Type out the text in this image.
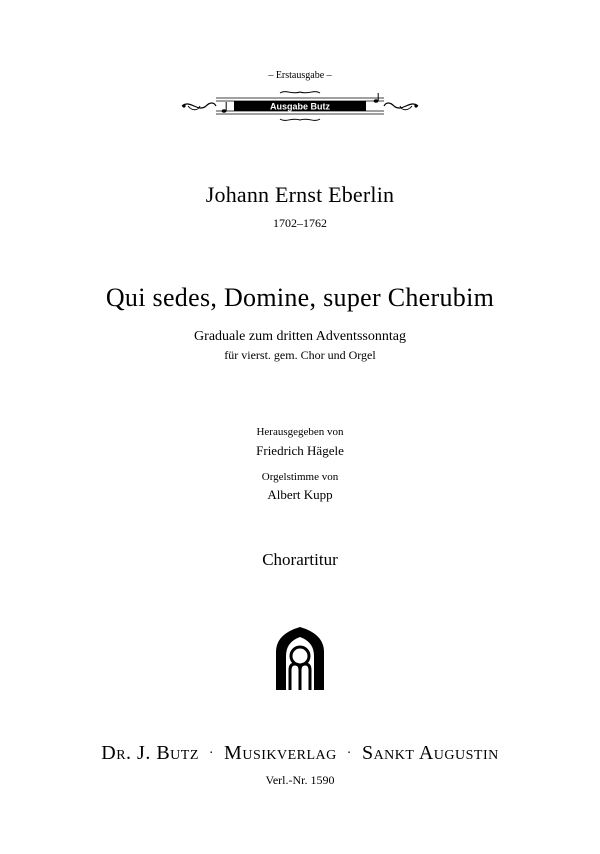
– Erstausgabe –
Ausgabe Butz
Johann Ernst Eberlin
1702–1762
Qui sedes, Domine, super Cherubim
Graduale zum dritten Adventssonntag
für vierst. gem. Chor und Orgel
Herausgegeben von
Friedrich Hägele
Orgelstimme von
Albert Kupp
Chorartitur
Dr. J. Butz · Musikverlag · Sankt Augustin
Verl.-Nr. 1590
